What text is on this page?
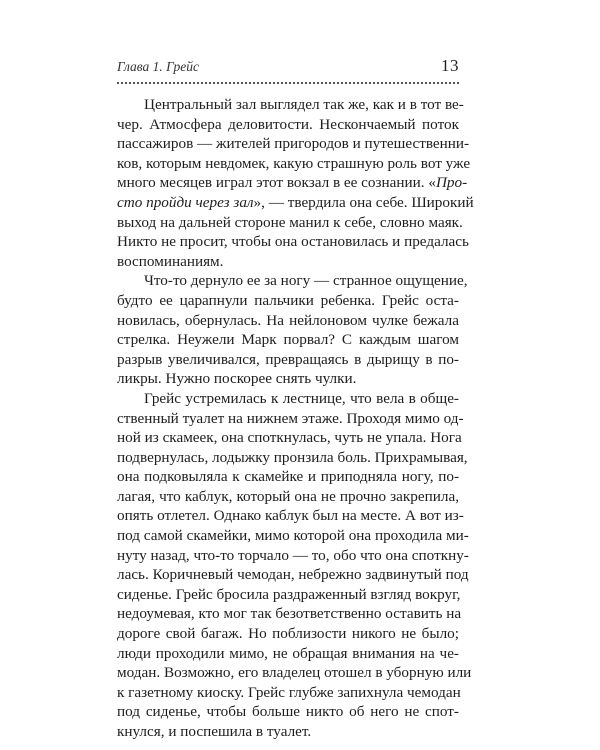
Глава 1. Грейс	13
Центральный зал выглядел так же, как и в тот ве-
чер. Атмосфера деловитости. Нескончаемый поток
пассажиров — жителей пригородов и путешественни-
ков, которым невдомек, какую страшную роль вот уже
много месяцев играл этот вокзал в ее сознании. «Про-
сто пройди через зал», — твердила она себе. Широкий
выход на дальней стороне манил к себе, словно маяк.
Никто не просит, чтобы она остановилась и предалась
воспоминаниям.
Что-то дернуло ее за ногу — странное ощущение,
будто ее царапнули пальчики ребенка. Грейс оста-
новилась, обернулась. На нейлоновом чулке бежала
стрелка. Неужели Марк порвал? С каждым шагом
разрыв увеличивался, превращаясь в дырищу в по-
ликры. Нужно поскорее снять чулки.
Грейс устремилась к лестнице, что вела в обще-
ственный туалет на нижнем этаже. Проходя мимо од-
ной из скамеек, она споткнулась, чуть не упала. Нога
подвернулась, лодыжку пронзила боль. Прихрамывая,
она подковыляла к скамейке и приподняла ногу, по-
лагая, что каблук, который она не прочно закрепила,
опять отлетел. Однако каблук был на месте. А вот из-
под самой скамейки, мимо которой она проходила ми-
нуту назад, что-то торчало — то, обо что она споткну-
лась. Коричневый чемодан, небрежно задвинутый под
сиденье. Грейс бросила раздраженный взгляд вокруг,
недоумевая, кто мог так безответственно оставить на
дороге свой багаж. Но поблизости никого не было;
люди проходили мимо, не обращая внимания на че-
модан. Возможно, его владелец отошел в уборную или
к газетному киоску. Грейс глубже запихнула чемодан
под сиденье, чтобы больше никто об него не спот-
кнулся, и поспешила в туалет.
